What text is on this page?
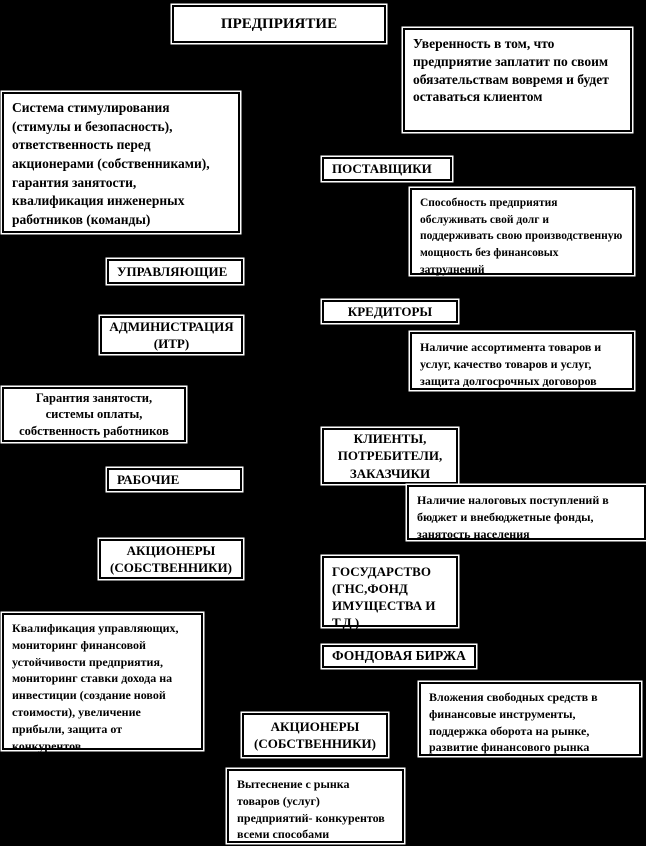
ПРЕДПРИЯТИЕ
Уверенность в том, что предприятие заплатит по своим обязательствам вовремя и будет оставаться клиентом
Система стимулирования (стимулы и безопасность), ответственность перед акционерами (собственниками), гарантия занятости, квалификация инженерных работников (команды)
ПОСТАВЩИКИ
Способность предприятия обслуживать свой долг и поддерживать свою производственную мощность без финансовых затруднений
УПРАВЛЯЮЩИЕ
КРЕДИТОРЫ
АДМИНИСТРАЦИЯ (ИТР)	Наличие ассортимента товаров и услуг, качество товаров и услуг, защита долгосрочных договоров
Гарантия занятости, системы оплаты, собственность работников
КЛИЕНТЫ, ПОТРЕБИТЕЛИ, ЗАКАЗЧИКИ
РАБОЧИЕ
Наличие налоговых поступлений в бюджет и внебюджетные фонды, занятость населения
АКЦИОНЕРЫ (СОБСТВЕННИКИ)	ГОСУДАРСТВО (ГНС,ФОНД ИМУЩЕСТВА И Т.Д.)
Квалификация управляющих, мониторинг финансовой устойчивости предприятия, мониторинг ставки дохода на инвестиции (создание новой стоимости), увеличение прибыли, защита от конкурентов
ФОНДОВАЯ БИРЖА
Вложения свободных средств в финансовые инструменты, поддержка оборота на рынке, развитие финансового рынка
АКЦИОНЕРЫ (СОБСТВЕННИКИ)
Вытеснение с рынка товаров (услуг) предприятий- конкурентов всеми способами
